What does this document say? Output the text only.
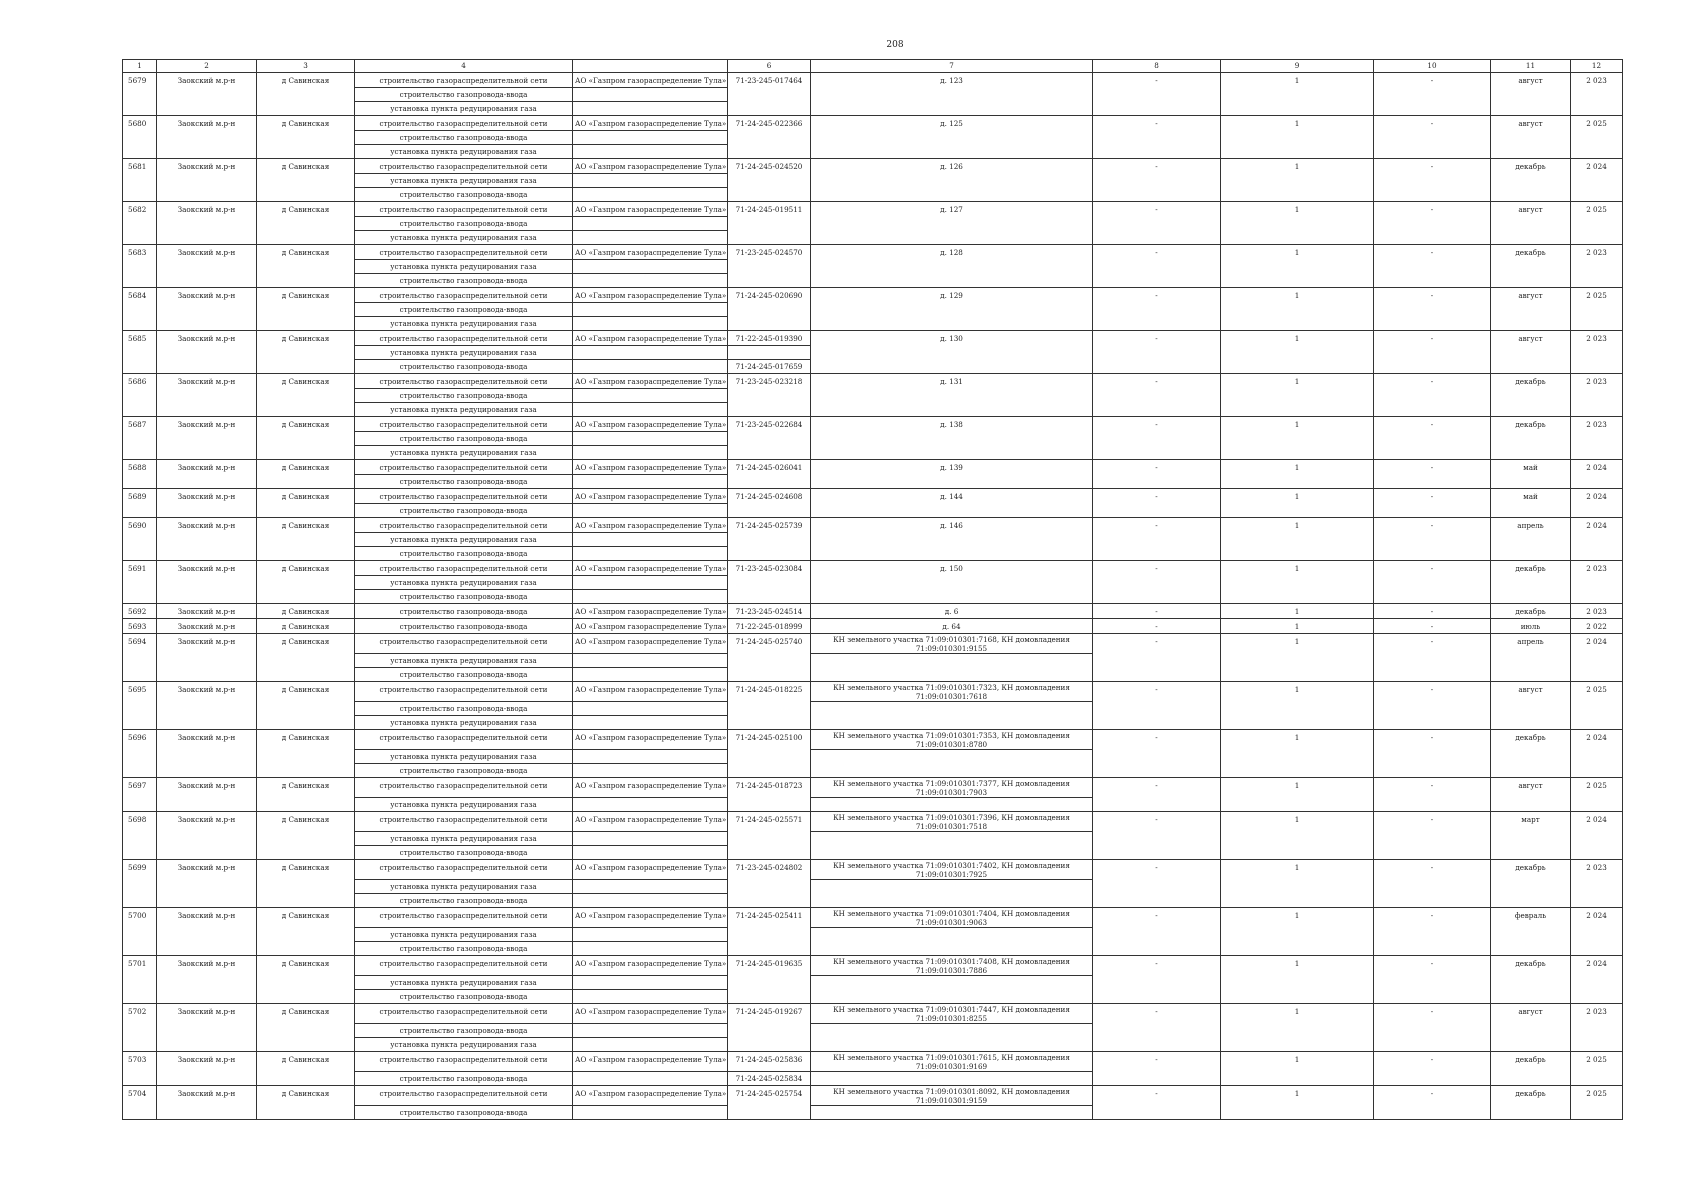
208
1	2	3	4		6	7	8	9	10	11	12
5679	Заокский м.р-н	д Савинская	строительство газораспределительной сети	АО «Газпром газораспределение Тула»	71-23-245-017464	д. 123	-	1	-	август	2 023
			строительство газопровода-ввода								
			установка пункта редуцирования газа								
5680	Заокский м.р-н	д Савинская	строительство газораспределительной сети	АО «Газпром газораспределение Тула»	71-24-245-022366	д. 125	-	1	-	август	2 025
			строительство газопровода-ввода								
			установка пункта редуцирования газа								
5681	Заокский м.р-н	д Савинская	строительство газораспределительной сети	АО «Газпром газораспределение Тула»	71-24-245-024520	д. 126	-	1	-	декабрь	2 024
			установка пункта редуцирования газа								
			строительство газопровода-ввода								
5682	Заокский м.р-н	д Савинская	строительство газораспределительной сети	АО «Газпром газораспределение Тула»	71-24-245-019511	д. 127	-	1	-	август	2 025
			строительство газопровода-ввода								
			установка пункта редуцирования газа								
5683	Заокский м.р-н	д Савинская	строительство газораспределительной сети	АО «Газпром газораспределение Тула»	71-23-245-024570	д. 128	-	1	-	декабрь	2 023
			установка пункта редуцирования газа								
			строительство газопровода-ввода								
5684	Заокский м.р-н	д Савинская	строительство газораспределительной сети	АО «Газпром газораспределение Тула»	71-24-245-020690	д. 129	-	1	-	август	2 025
			строительство газопровода-ввода								
			установка пункта редуцирования газа								
5685	Заокский м.р-н	д Савинская	строительство газораспределительной сети	АО «Газпром газораспределение Тула»	71-22-245-019390	д. 130	-	1	-	август	2 023
			установка пункта редуцирования газа								
			строительство газопровода-ввода		71-24-245-017659						
5686	Заокский м.р-н	д Савинская	строительство газораспределительной сети	АО «Газпром газораспределение Тула»	71-23-245-023218	д. 131	-	1	-	декабрь	2 023
			строительство газопровода-ввода								
			установка пункта редуцирования газа								
5687	Заокский м.р-н	д Савинская	строительство газораспределительной сети	АО «Газпром газораспределение Тула»	71-23-245-022684	д. 138	-	1	-	декабрь	2 023
			строительство газопровода-ввода								
			установка пункта редуцирования газа								
5688	Заокский м.р-н	д Савинская	строительство газораспределительной сети	АО «Газпром газораспределение Тула»	71-24-245-026041	д. 139	-	1	-	май	2 024
			строительство газопровода-ввода								
5689	Заокский м.р-н	д Савинская	строительство газораспределительной сети	АО «Газпром газораспределение Тула»	71-24-245-024608	д. 144	-	1	-	май	2 024
			строительство газопровода-ввода								
5690	Заокский м.р-н	д Савинская	строительство газораспределительной сети	АО «Газпром газораспределение Тула»	71-24-245-025739	д. 146	-	1	-	апрель	2 024
			установка пункта редуцирования газа								
			строительство газопровода-ввода								
5691	Заокский м.р-н	д Савинская	строительство газораспределительной сети	АО «Газпром газораспределение Тула»	71-23-245-023084	д. 150	-	1	-	декабрь	2 023
			установка пункта редуцирования газа								
			строительство газопровода-ввода								
5692	Заокский м.р-н	д Савинская	строительство газопровода-ввода	АО «Газпром газораспределение Тула»	71-23-245-024514	д. 6	-	1	-	декабрь	2 023
5693	Заокский м.р-н	д Савинская	строительство газопровода-ввода	АО «Газпром газораспределение Тула»	71-22-245-018999	д. 64	-	1	-	июль	2 022
5694	Заокский м.р-н	д Савинская	строительство газораспределительной сети	АО «Газпром газораспределение Тула»	71-24-245-025740	КН земельного участка 71:09:010301:7168, КН домовладения 71:09:010301:9155	-	1	-	апрель	2 024
			установка пункта редуцирования газа								
			строительство газопровода-ввода								
5695	Заокский м.р-н	д Савинская	строительство газораспределительной сети	АО «Газпром газораспределение Тула»	71-24-245-018225	КН земельного участка 71:09:010301:7323, КН домовладения 71:09:010301:7618	-	1	-	август	2 025
			строительство газопровода-ввода								
			установка пункта редуцирования газа								
5696	Заокский м.р-н	д Савинская	строительство газораспределительной сети	АО «Газпром газораспределение Тула»	71-24-245-025100	КН земельного участка 71:09:010301:7353, КН домовладения 71:09:010301:8780	-	1	-	декабрь	2 024
			установка пункта редуцирования газа								
			строительство газопровода-ввода								
5697	Заокский м.р-н	д Савинская	строительство газораспределительной сети	АО «Газпром газораспределение Тула»	71-24-245-018723	КН земельного участка 71:09:010301:7377, КН домовладения 71:09:010301:7903	-	1	-	август	2 025
			установка пункта редуцирования газа								
5698	Заокский м.р-н	д Савинская	строительство газораспределительной сети	АО «Газпром газораспределение Тула»	71-24-245-025571	КН земельного участка 71:09:010301:7396, КН домовладения 71:09:010301:7518	-	1	-	март	2 024
			установка пункта редуцирования газа								
			строительство газопровода-ввода								
5699	Заокский м.р-н	д Савинская	строительство газораспределительной сети	АО «Газпром газораспределение Тула»	71-23-245-024802	КН земельного участка 71:09:010301:7402, КН домовладения 71:09:010301:7925	-	1	-	декабрь	2 023
			установка пункта редуцирования газа								
			строительство газопровода-ввода								
5700	Заокский м.р-н	д Савинская	строительство газораспределительной сети	АО «Газпром газораспределение Тула»	71-24-245-025411	КН земельного участка 71:09:010301:7404, КН домовладения 71:09:010301:9063	-	1	-	февраль	2 024
			установка пункта редуцирования газа								
			строительство газопровода-ввода								
5701	Заокский м.р-н	д Савинская	строительство газораспределительной сети	АО «Газпром газораспределение Тула»	71-24-245-019635	КН земельного участка 71:09:010301:7408, КН домовладения 71:09:010301:7886	-	1	-	декабрь	2 024
			установка пункта редуцирования газа								
			строительство газопровода-ввода								
5702	Заокский м.р-н	д Савинская	строительство газораспределительной сети	АО «Газпром газораспределение Тула»	71-24-245-019267	КН земельного участка 71:09:010301:7447, КН домовладения 71:09:010301:8255	-	1	-	август	2 023
			строительство газопровода-ввода								
			установка пункта редуцирования газа								
5703	Заокский м.р-н	д Савинская	строительство газораспределительной сети	АО «Газпром газораспределение Тула»	71-24-245-025836	КН земельного участка 71:09:010301:7615, КН домовладения 71:09:010301:9169	-	1	-	декабрь	2 025
			строительство газопровода-ввода		71-24-245-025834						
5704	Заокский м.р-н	д Савинская	строительство газораспределительной сети	АО «Газпром газораспределение Тула»	71-24-245-025754	КН земельного участка 71:09:010301:8092, КН домовладения 71:09:010301:9159	-	1	-	декабрь	2 025
			строительство газопровода-ввода								
